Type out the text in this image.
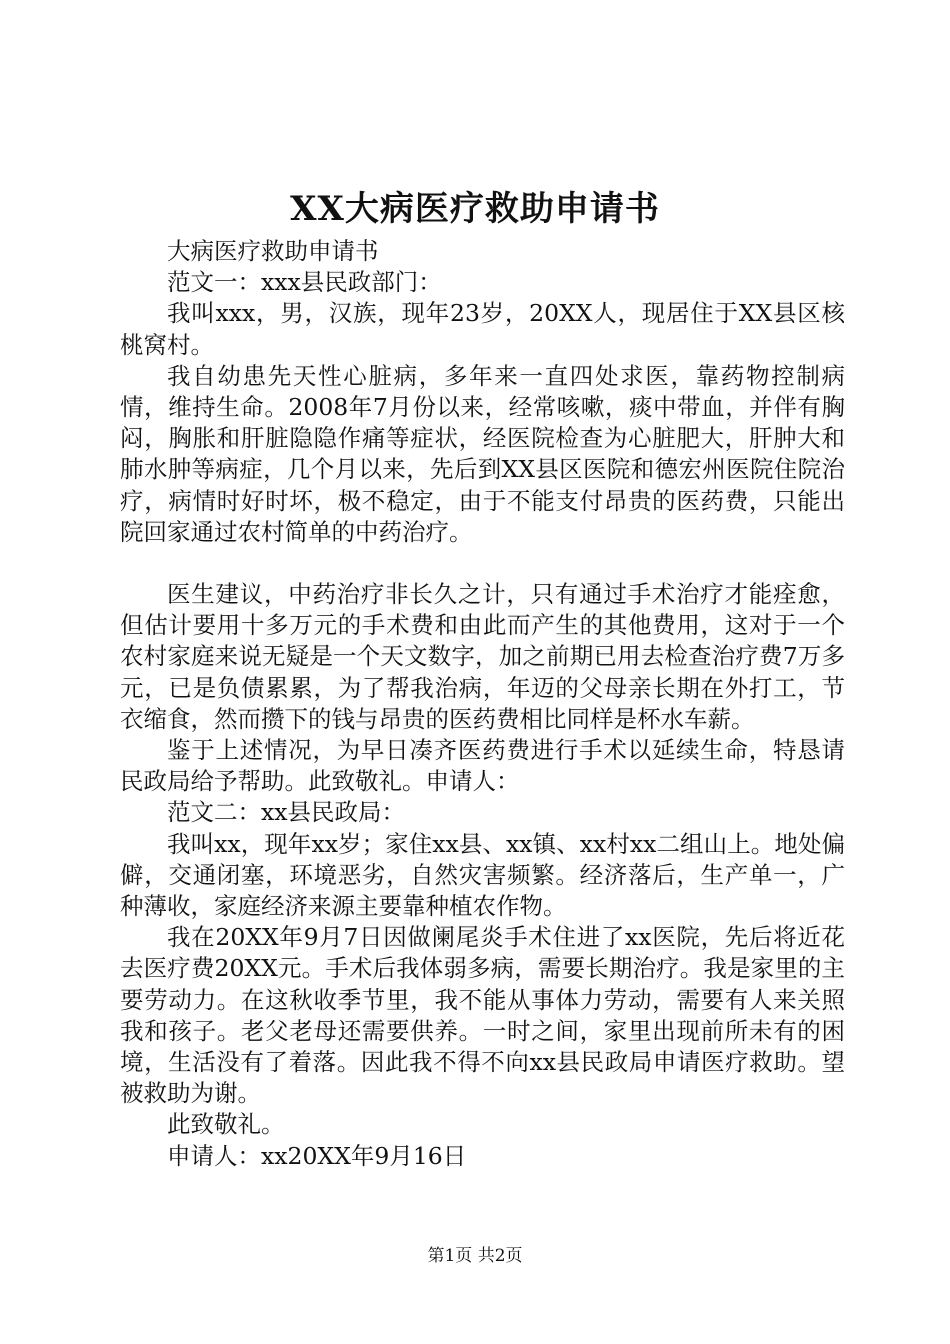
XX大病医疗救助申请书

大病医疗救助申请书

范文一：xxx县民政部门：

我叫xxx，男，汉族，现年23岁，20XX人，现居住于XX县区核桃窝村。

我自幼患先天性心脏病，多年来一直四处求医，靠药物控制病情，维持生命。2008年7月份以来，经常咳嗽，痰中带血，并伴有胸闷，胸胀和肝脏隐隐作痛等症状，经医院检查为心脏肥大，肝肿大和肺水肿等病症，几个月以来，先后到XX县区医院和德宏州医院住院治疗，病情时好时坏，极不稳定，由于不能支付昂贵的医药费，只能出院回家通过农村简单的中药治疗。

医生建议，中药治疗非长久之计，只有通过手术治疗才能痊愈，但估计要用十多万元的手术费和由此而产生的其他费用，这对于一个农村家庭来说无疑是一个天文数字，加之前期已用去检查治疗费7万多元，已是负债累累，为了帮我治病，年迈的父母亲长期在外打工，节衣缩食，然而攒下的钱与昂贵的医药费相比同样是杯水车薪。

鉴于上述情况，为早日凑齐医药费进行手术以延续生命，特恳请民政局给予帮助。此致敬礼。申请人：

范文二：xx县民政局：

我叫xx，现年xx岁；家住xx县、xx镇、xx村xx二组山上。地处偏僻，交通闭塞，环境恶劣，自然灾害频繁。经济落后，生产单一，广种薄收，家庭经济来源主要靠种植农作物。

我在20XX年9月7日因做阑尾炎手术住进了xx医院，先后将近花去医疗费20XX元。手术后我体弱多病，需要长期治疗。我是家里的主要劳动力。在这秋收季节里，我不能从事体力劳动，需要有人来关照我和孩子。老父老母还需要供养。一时之间，家里出现前所未有的困境，生活没有了着落。因此我不得不向xx县民政局申请医疗救助。望被救助为谢。

此致敬礼。

申请人：xx20XX年9月16日

第1页 共2页
